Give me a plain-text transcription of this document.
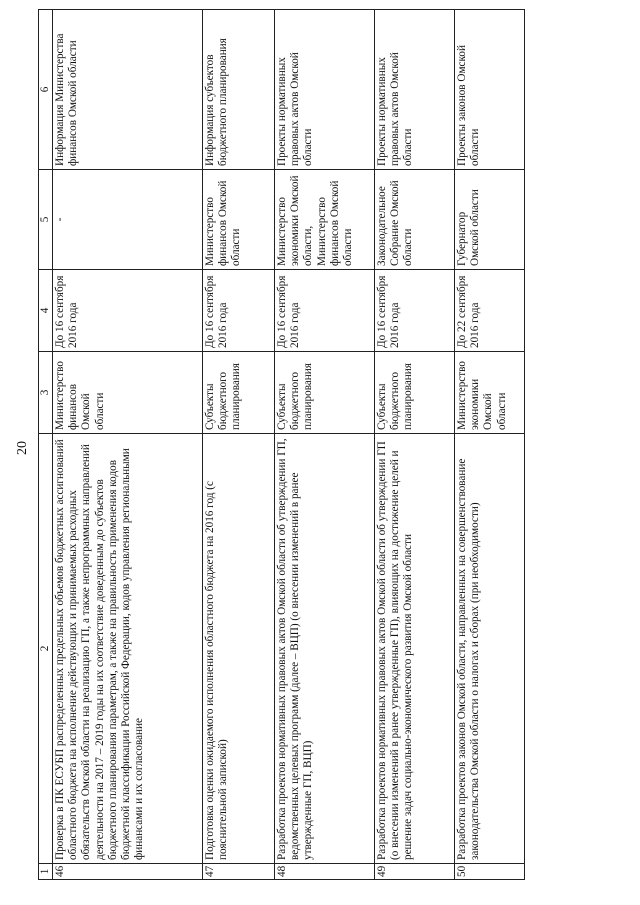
20
1	2	3	4	5	6
46	Проверка в ПК ЕСУБП распределенных предельных объемов бюджетных ассигнований областного бюджета на исполнение действующих и принимаемых расходных обязательств Омской области на реализацию ГП, а также непрограммных направлений деятельности на 2017 – 2019 годы на их соответствие доведенным до субъектов бюджетного планирования параметрам, а также на правильность применения кодов бюджетной классификации Российской Федерации, кодов управления региональными финансами и их согласование	Министерство финансов Омской области	До 16 сентября 2016 года	-	Информация Министерства финансов Омской области
47	Подготовка оценки ожидаемого исполнения областного бюджета на 2016 год (с пояснительной запиской)	Субъекты бюджетного планирования	До 16 сентября 2016 года	Министерство финансов Омской области	Информация субъектов бюджетного планирования
48	Разработка проектов нормативных правовых актов Омской области об утверждении ГП, ведомственных целевых программ (далее – ВЦП) (о внесении изменений в ранее утвержденные ГП, ВЦП)	Субъекты бюджетного планирования	До 16 сентября 2016 года	Министерство экономики Омской области, Министерство финансов Омской области	Проекты нормативных правовых актов Омской области
49	Разработка проектов нормативных правовых актов Омской области об утверждении ГП (о внесении изменений в ранее утвержденные ГП), влияющих на достижение целей и решение задач социально-экономического развития Омской области	Субъекты бюджетного планирования	До 16 сентября 2016 года	Законодательное Собрание Омской области	Проекты нормативных правовых актов Омской области
50	Разработка проектов законов Омской области, направленных на совершенствование законодательства Омской области о налогах и сборах (при необходимости)	Министерство экономики Омской области	До 22 сентября 2016 года	Губернатор Омской области	Проекты законов Омской области
